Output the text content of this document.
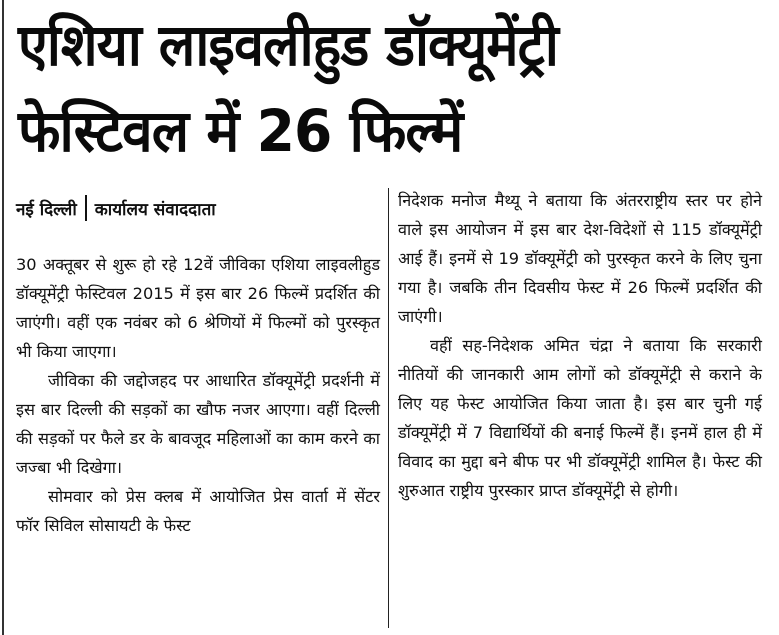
एशिया लाइवलीहुड डॉक्यूमेंट्री
फेस्टिवल में 26 फिल्में
नई दिल्ली कार्यालय संवाददाता

30 अक्तूबर से शुरू हो रहे 12वें जीविका एशिया लाइवलीहुड डॉक्यूमेंट्री फेस्टिवल 2015 में इस बार 26 फिल्में प्रदर्शित की जाएंगी। वहीं एक नवंबर को 6 श्रेणियों में फिल्मों को पुरस्कृत भी किया जाएगा।

जीविका की जद्दोजहद पर आधारित डॉक्यूमेंट्री प्रदर्शनी में इस बार दिल्ली की सड़कों का खौफ नजर आएगा। वहीं दिल्ली की सड़कों पर फैले डर के बावजूद महिलाओं का काम करने का जज्बा भी दिखेगा।

सोमवार को प्रेस क्लब में आयोजित प्रेस वार्ता में सेंटर फॉर सिविल सोसायटी के फेस्ट

निदेशक मनोज मैथ्यू ने बताया कि अंतरराष्ट्रीय स्तर पर होने वाले इस आयोजन में इस बार देश-विदेशों से 115 डॉक्यूमेंट्री आई हैं। इनमें से 19 डॉक्यूमेंट्री को पुरस्कृत करने के लिए चुना गया है। जबकि तीन दिवसीय फेस्ट में 26 फिल्में प्रदर्शित की जाएंगी।

वहीं सह-निदेशक अमित चंद्रा ने बताया कि सरकारी नीतियों की जानकारी आम लोगों को डॉक्यूमेंट्री से कराने के लिए यह फेस्ट आयोजित किया जाता है। इस बार चुनी गई डॉक्यूमेंट्री में 7 विद्यार्थियों की बनाई फिल्में हैं। इनमें हाल ही में विवाद का मुद्दा बने बीफ पर भी डॉक्यूमेंट्री शामिल है। फेस्ट की शुरुआत राष्ट्रीय पुरस्कार प्राप्त डॉक्यूमेंट्री से होगी।
